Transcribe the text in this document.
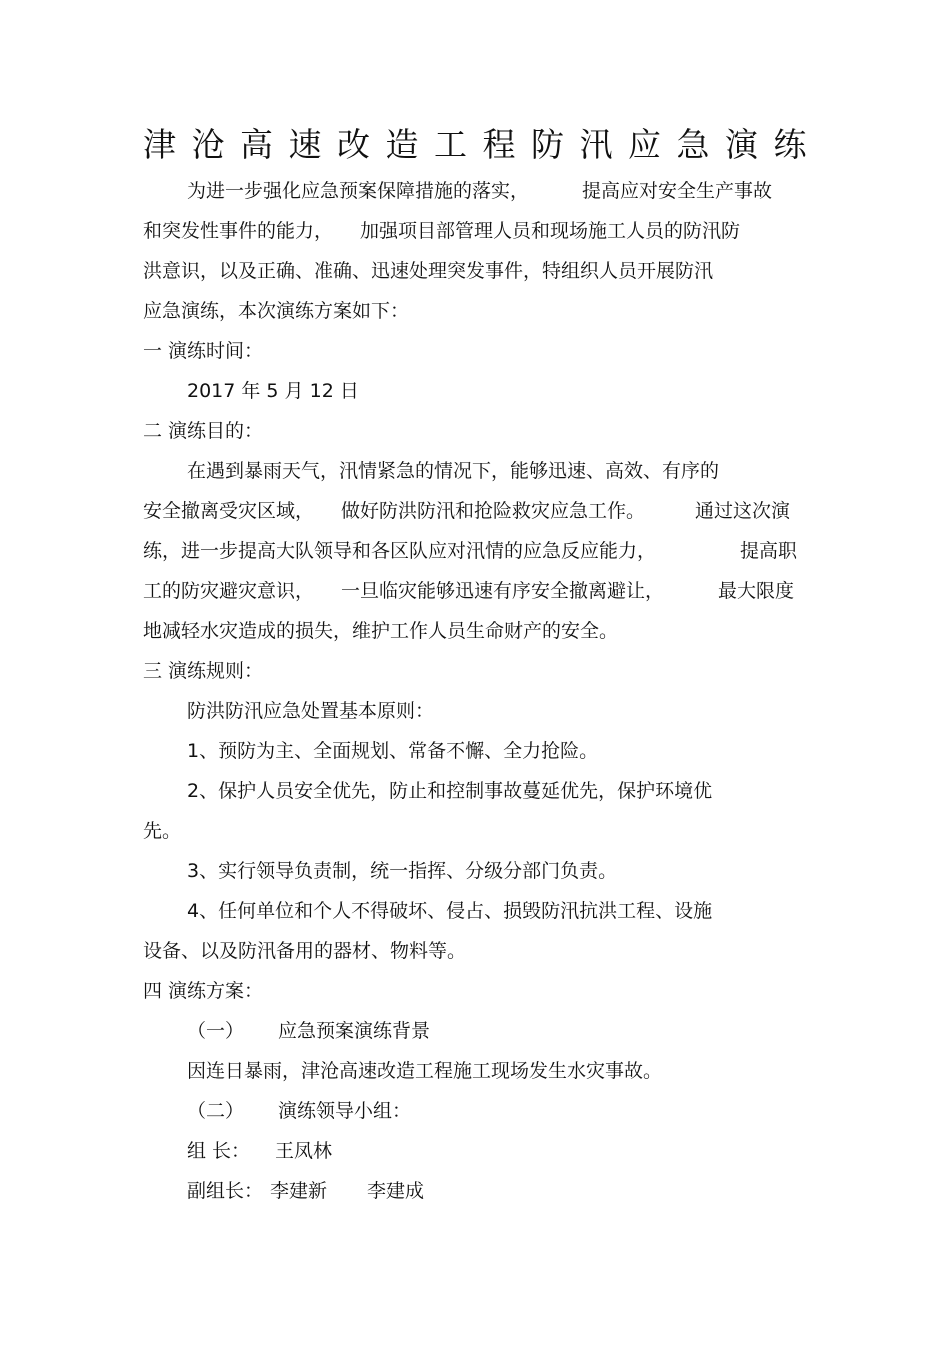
津沧高速改造工程防汛应急演练
为进一步强化应急预案保障措施的落实，	提高应对安全生产事故
和突发性事件的能力， 加强项目部管理人员和现场施工人员的防汛防
洪意识，以及正确、准确、迅速处理突发事件，特组织人员开展防汛
应急演练，本次演练方案如下：
一 演练时间：
2017 年 5 月 12 日
二 演练目的：
在遇到暴雨天气，汛情紧急的情况下，能够迅速、高效、有序的
安全撤离受灾区域， 做好防洪防汛和抢险救灾应急工作。	通过这次演
练，进一步提高大队领导和各区队应对汛情的应急反应能力，	提高职
工的防灾避灾意识， 一旦临灾能够迅速有序安全撤离避让，	最大限度
地减轻水灾造成的损失，维护工作人员生命财产的安全。
三 演练规则：
防洪防汛应急处置基本原则：
1、预防为主、全面规划、常备不懈、全力抢险。
2、保护人员安全优先，防止和控制事故蔓延优先，保护环境优
先。
3、实行领导负责制，统一指挥、分级分部门负责。
4、任何单位和个人不得破坏、侵占、损毁防汛抗洪工程、设施
设备、以及防汛备用的器材、物料等。
四 演练方案：
（一） 应急预案演练背景
因连日暴雨，津沧高速改造工程施工现场发生水灾事故。
（二） 演练领导小组：
组 长： 王凤林
副组长： 李建新 李建成
